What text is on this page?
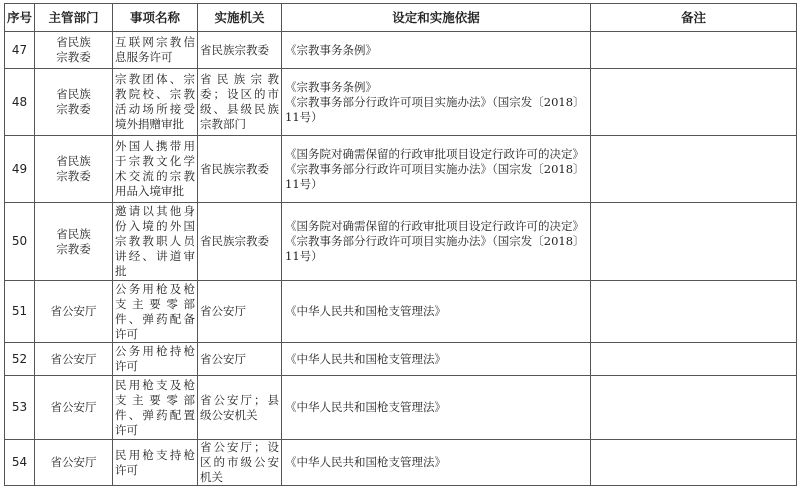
序号	主管部门	事项名称	实施机关	设定和实施依据	备注
47	省民族宗教委	互联网宗教信息服务许可	省民族宗教委	《宗教事务条例》	

48	省民族宗教委	宗教团体、宗教院校、宗教活动场所接受境外捐赠审批	省民族宗教委；设区的市级、县级民族宗教部门	《宗教事务条例》
《宗教事务部分行政许可项目实施办法》（国宗发〔2018〕11号）	

49	省民族宗教委	外国人携带用于宗教文化学术交流的宗教用品入境审批	省民族宗教委	《国务院对确需保留的行政审批项目设定行政许可的决定》
《宗教事务部分行政许可项目实施办法》（国宗发〔2018〕11号）	

50	省民族宗教委	邀请以其他身份入境的外国宗教教职人员讲经、讲道审批	省民族宗教委	《国务院对确需保留的行政审批项目设定行政许可的决定》
《宗教事务部分行政许可项目实施办法》（国宗发〔2018〕11号）	

51	省公安厅	公务用枪及枪支主要零部件、弹药配备许可	省公安厅	《中华人民共和国枪支管理法》	

52	省公安厅	公务用枪持枪许可	省公安厅	《中华人民共和国枪支管理法》	

53	省公安厅	民用枪支及枪支主要零部件、弹药配置许可	省公安厅；县级公安机关	《中华人民共和国枪支管理法》	

54	省公安厅	民用枪支持枪许可	省公安厅；设区的市级公安机关	《中华人民共和国枪支管理法》	
